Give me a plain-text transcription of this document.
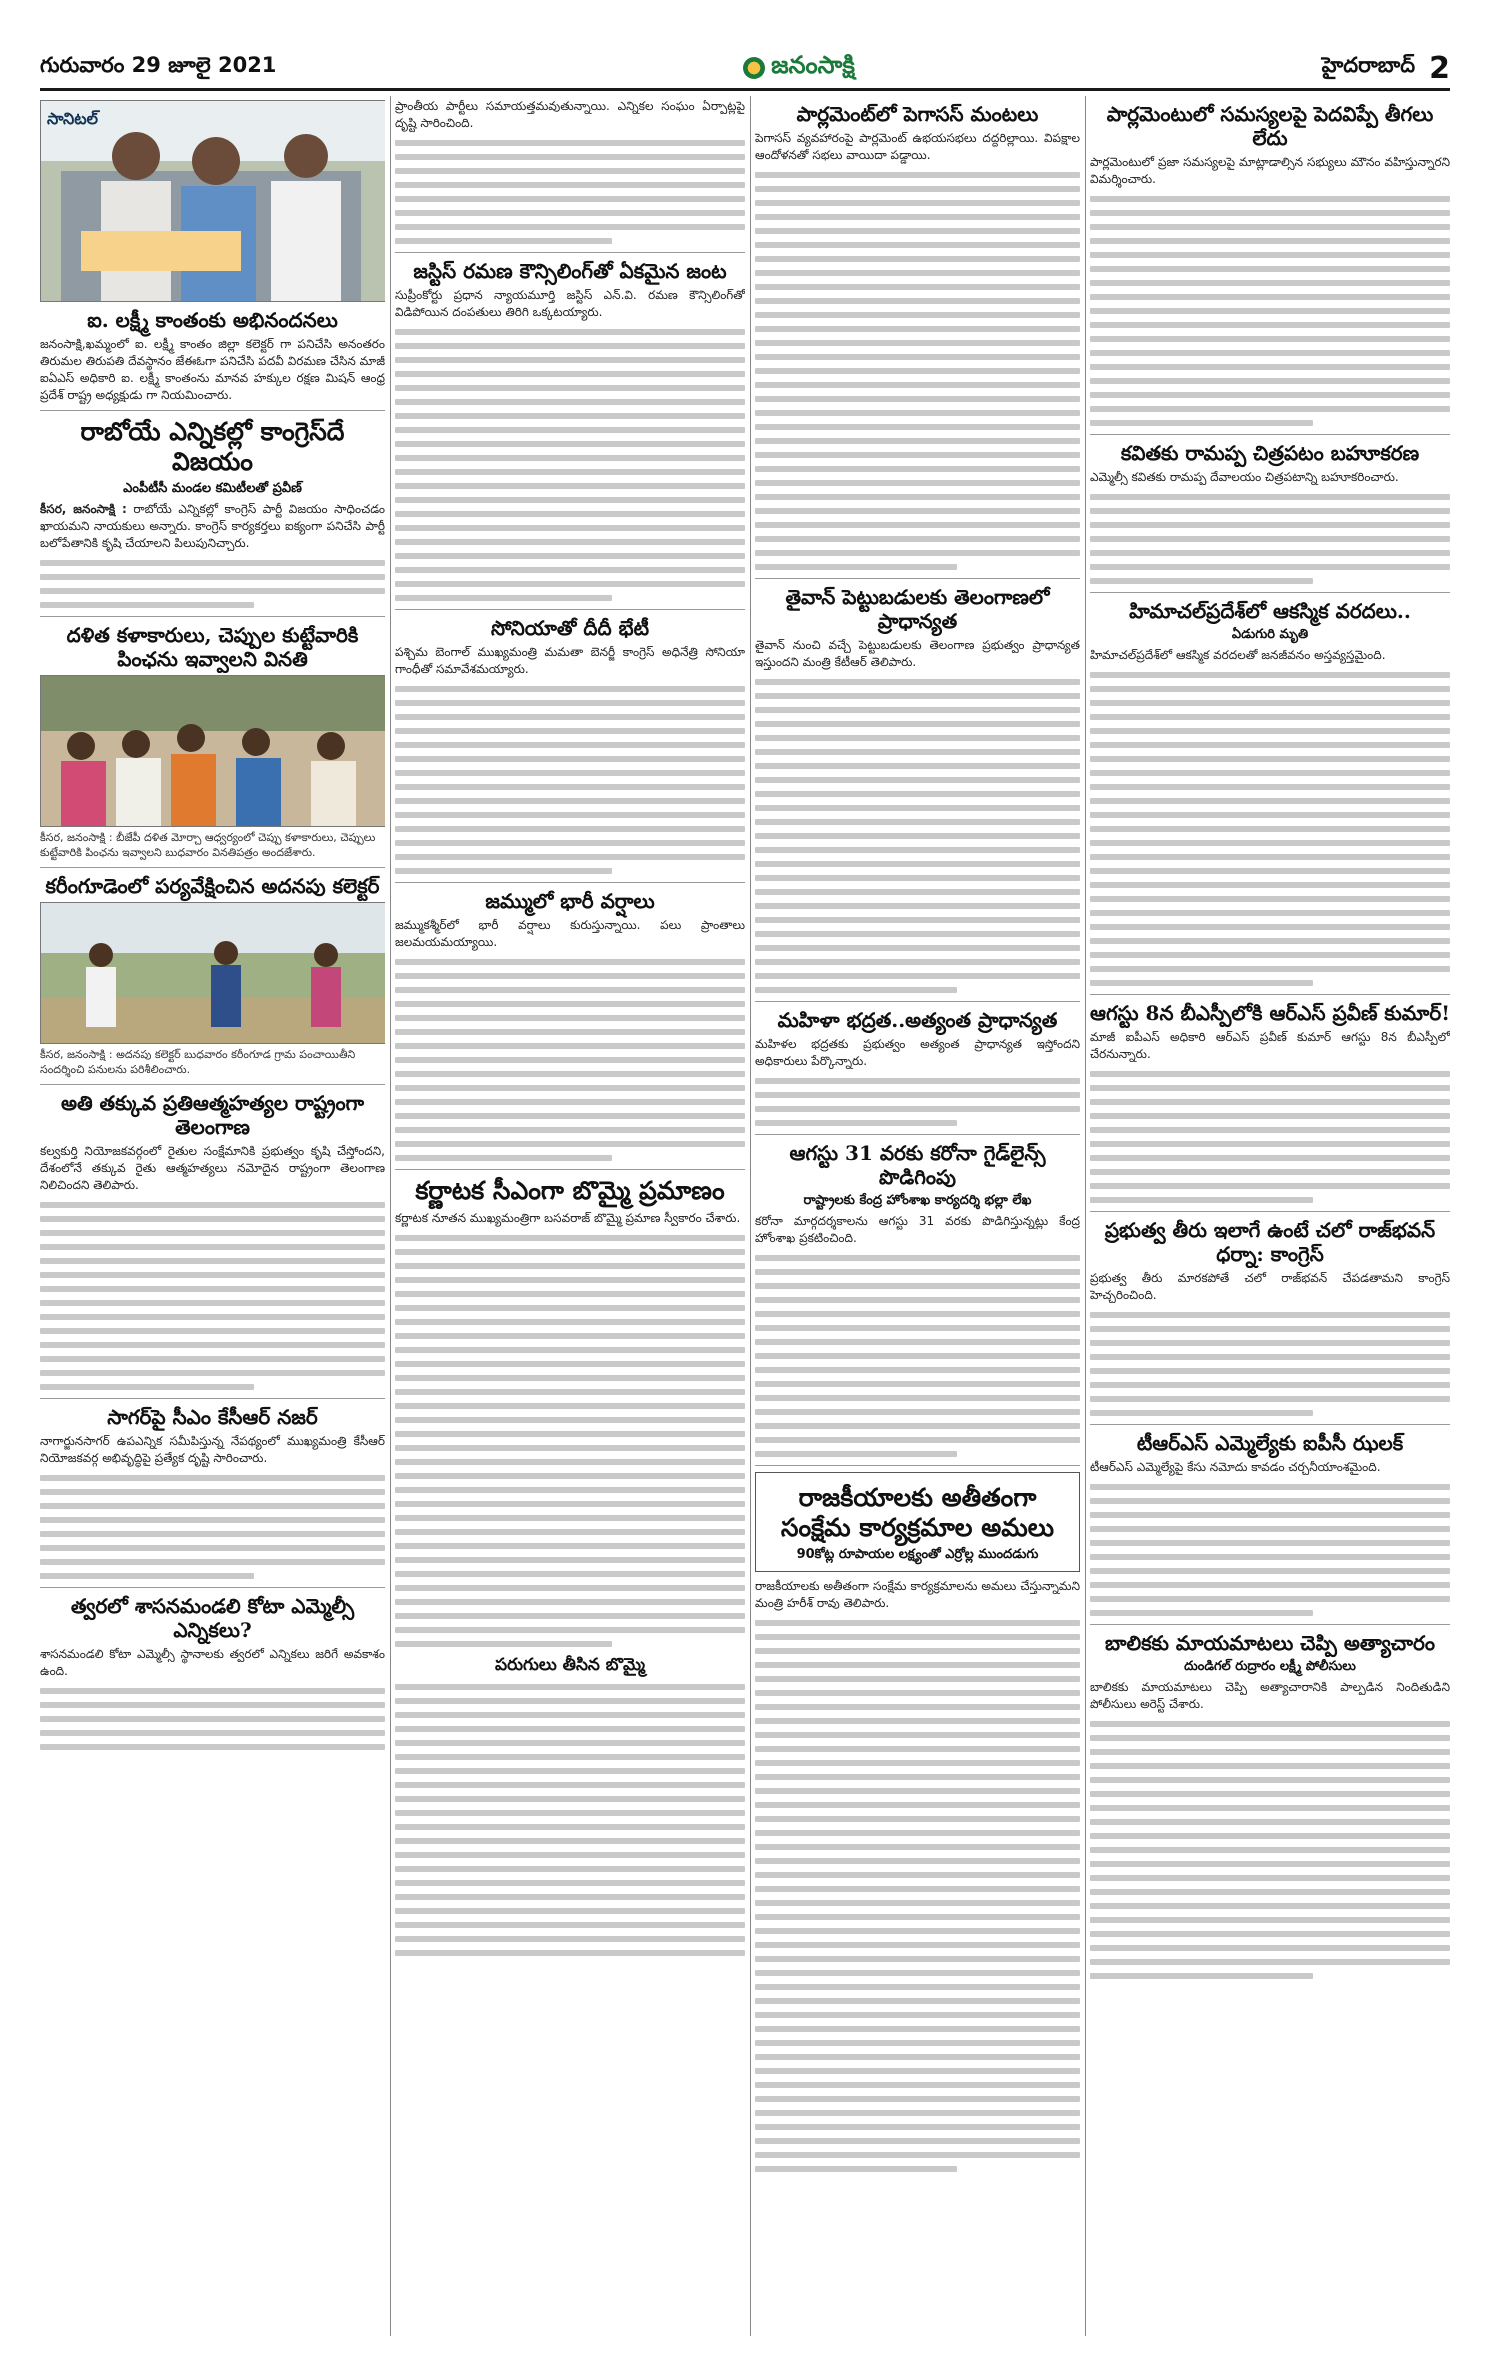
గురువారం 29 జూలై 2021	జనంసాక్షి	హైదరాబాద్ 2
సానిటల్
ఐ. లక్ష్మీ కాంతంకు అభినందనలు
జనంసాక్షి,ఖమ్మంలో ఐ. లక్ష్మీ కాంతం జిల్లా కలెక్టర్ గా పనిచేసి అనంతరం తిరుమల తిరుపతి దేవస్థానం జేఈఓగా పనిచేసి పదవీ విరమణ చేసిన మాజీ ఐఏఎస్ అధికారి ఐ. లక్ష్మీ కాంతంను మానవ హక్కుల రక్షణ మిషన్ ఆంధ్ర ప్రదేశ్ రాష్ట్ర అధ్యక్షుడు గా నియమించారు.
రాబోయే ఎన్నికల్లో కాంగ్రెస్‌దే విజయం
ఎంపీటీసీ మండల కమిటీలతో ప్రవీణ్
కీసర, జనంసాక్షి : రాబోయే ఎన్నికల్లో కాంగ్రెస్ పార్టీ విజయం సాధించడం ఖాయమని నాయకులు అన్నారు. కాంగ్రెస్ కార్యకర్తలు ఐక్యంగా పనిచేసి పార్టీ బలోపేతానికి కృషి చేయాలని పిలుపునిచ్చారు.
దళిత కళాకారులు, చెప్పుల కుట్టేవారికి పింఛను ఇవ్వాలని వినతి
కీసర, జనంసాక్షి : బీజేపీ దళిత మోర్చా ఆధ్వర్యంలో చెప్పు కళాకారులు, చెప్పులు కుట్టేవారికి పింఛను ఇవ్వాలని బుధవారం వినతిపత్రం అందజేశారు.
కరీంగూడెంలో పర్యవేక్షించిన అదనపు కలెక్టర్
కీసర, జనంసాక్షి : అదనపు కలెక్టర్ బుధవారం కరీంగూడ గ్రామ పంచాయితీని సందర్శించి పనులను పరిశీలించారు.
అతి తక్కువ ప్రతిఆత్మహత్యల రాష్ట్రంగా తెలంగాణ
కల్వకుర్తి నియోజకవర్గంలో రైతుల సంక్షేమానికి ప్రభుత్వం కృషి చేస్తోందని, దేశంలోనే తక్కువ రైతు ఆత్మహత్యలు నమోదైన రాష్ట్రంగా తెలంగాణ నిలిచిందని తెలిపారు.
సాగర్‌పై సీఎం కేసీఆర్ నజర్
నాగార్జునసాగర్ ఉపఎన్నిక సమీపిస్తున్న నేపథ్యంలో ముఖ్యమంత్రి కేసీఆర్ నియోజకవర్గ అభివృద్ధిపై ప్రత్యేక దృష్టి సారించారు.
త్వరలో శాసనమండలి కోటా ఎమ్మెల్సీ ఎన్నికలు?
శాసనమండలి కోటా ఎమ్మెల్సీ స్థానాలకు త్వరలో ఎన్నికలు జరిగే అవకాశం ఉంది.
ప్రాంతీయ పార్టీలు సమాయత్తమవుతున్నాయి. ఎన్నికల సంఘం ఏర్పాట్లపై దృష్టి సారించింది.
జస్టిస్ రమణ కౌన్సిలింగ్‌తో ఏకమైన జంట
సుప్రీంకోర్టు ప్రధాన న్యాయమూర్తి జస్టిస్ ఎన్.వి. రమణ కౌన్సిలింగ్‌తో విడిపోయిన దంపతులు తిరిగి ఒక్కటయ్యారు.
సోనియాతో దీదీ భేటీ
పశ్చిమ బెంగాల్ ముఖ్యమంత్రి మమతా బెనర్జీ కాంగ్రెస్ అధినేత్రి సోనియా గాంధీతో సమావేశమయ్యారు.
జమ్ములో భారీ వర్షాలు
జమ్ముకశ్మీర్‌లో భారీ వర్షాలు కురుస్తున్నాయి. పలు ప్రాంతాలు జలమయమయ్యాయి.
కర్ణాటక సీఎంగా బొమ్మై ప్రమాణం
కర్ణాటక నూతన ముఖ్యమంత్రిగా బసవరాజ్ బొమ్మై ప్రమాణ స్వీకారం చేశారు.
పరుగులు తీసిన బొమ్మై
పార్లమెంట్‌లో పెగాసస్ మంటలు
పెగాసస్ వ్యవహారంపై పార్లమెంట్ ఉభయసభలు దద్దరిల్లాయి. విపక్షాల ఆందోళనతో సభలు వాయిదా పడ్డాయి.
తైవాన్ పెట్టుబడులకు తెలంగాణలో ప్రాధాన్యత
తైవాన్ నుంచి వచ్చే పెట్టుబడులకు తెలంగాణ ప్రభుత్వం ప్రాధాన్యత ఇస్తుందని మంత్రి కేటీఆర్ తెలిపారు.
మహిళా భద్రత..అత్యంత ప్రాధాన్యత
మహిళల భద్రతకు ప్రభుత్వం అత్యంత ప్రాధాన్యత ఇస్తోందని అధికారులు పేర్కొన్నారు.
ఆగస్టు 31 వరకు కరోనా గైడ్‌లైన్స్ పొడిగింపు
రాష్ట్రాలకు కేంద్ర హోంశాఖ కార్యదర్శి భల్లా లేఖ
కరోనా మార్గదర్శకాలను ఆగస్టు 31 వరకు పొడిగిస్తున్నట్లు కేంద్ర హోంశాఖ ప్రకటించింది.
రాజకీయాలకు అతీతంగా సంక్షేమ కార్యక్రమాల అమలు
90కోట్ల రూపాయల లక్ష్యంతో ఎర్రోల్ల ముందడుగు
రాజకీయాలకు అతీతంగా సంక్షేమ కార్యక్రమాలను అమలు చేస్తున్నామని మంత్రి హరీశ్ రావు తెలిపారు.
పార్లమెంటులో సమస్యలపై పెదవిప్పే తీగలు లేదు
పార్లమెంటులో ప్రజా సమస్యలపై మాట్లాడాల్సిన సభ్యులు మౌనం వహిస్తున్నారని విమర్శించారు.
కవితకు రామప్ప చిత్రపటం బహూకరణ
ఎమ్మెల్సీ కవితకు రామప్ప దేవాలయం చిత్రపటాన్ని బహూకరించారు.
హిమాచల్‌ప్రదేశ్‌లో ఆకస్మిక వరదలు..
ఏడుగురి మృతి
హిమాచల్‌ప్రదేశ్‌లో ఆకస్మిక వరదలతో జనజీవనం అస్తవ్యస్తమైంది.
ఆగస్టు 8న బీఎస్పీలోకి ఆర్‌ఎస్ ప్రవీణ్ కుమార్!
మాజీ ఐపీఎస్ అధికారి ఆర్‌ఎస్ ప్రవీణ్ కుమార్ ఆగస్టు 8న బీఎస్పీలో చేరనున్నారు.
ప్రభుత్వ తీరు ఇలాగే ఉంటే చలో రాజ్‌భవన్ ధర్నా: కాంగ్రెస్
ప్రభుత్వ తీరు మారకపోతే చలో రాజ్‌భవన్ చేపడతామని కాంగ్రెస్ హెచ్చరించింది.
టీఆర్‌ఎస్ ఎమ్మెల్యేకు ఐపీసీ ఝలక్
టీఆర్‌ఎస్ ఎమ్మెల్యేపై కేసు నమోదు కావడం చర్చనీయాంశమైంది.
బాలికకు మాయమాటలు చెప్పి అత్యాచారం
దుండిగల్ రుద్రారం లక్ష్మీ పోలీసులు
బాలికకు మాయమాటలు చెప్పి అత్యాచారానికి పాల్పడిన నిందితుడిని పోలీసులు అరెస్ట్ చేశారు.
